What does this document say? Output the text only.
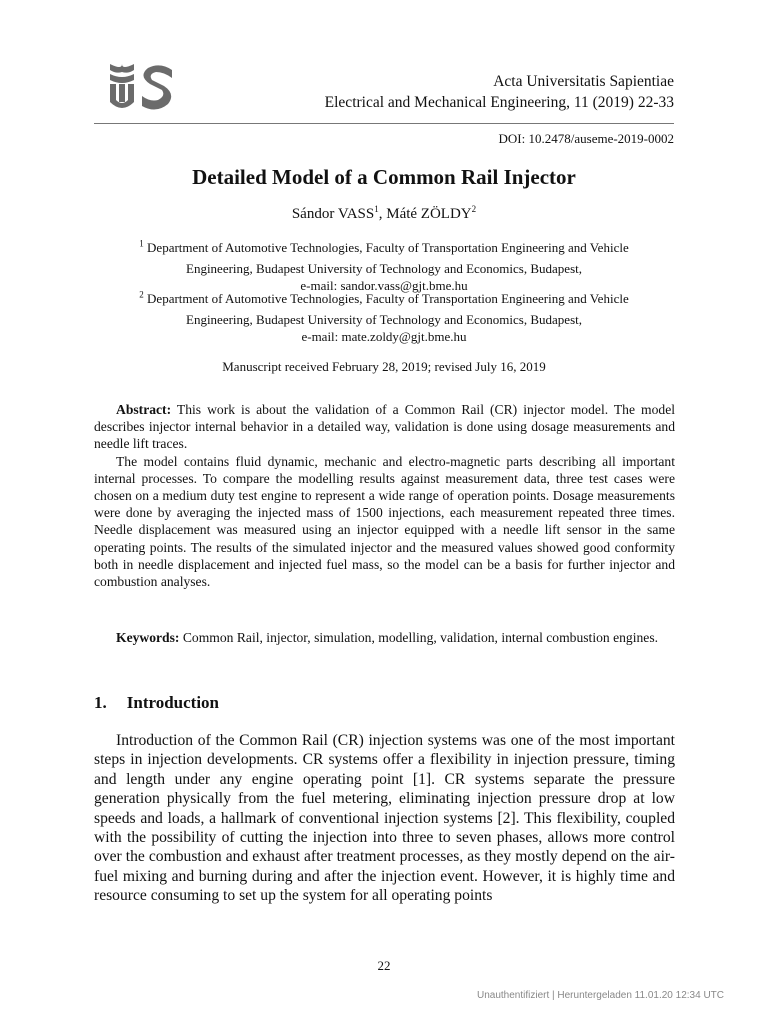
Acta Universitatis Sapientiae
Electrical and Mechanical Engineering, 11 (2019) 22-33
DOI: 10.2478/auseme-2019-0002
Detailed Model of a Common Rail Injector
Sándor VASS$^1$, Máté ZÖLDY$^2$
$^1$ Department of Automotive Technologies, Faculty of Transportation Engineering and Vehicle
Engineering, Budapest University of Technology and Economics, Budapest,
e-mail: sandor.vass@gjt.bme.hu
$^2$ Department of Automotive Technologies, Faculty of Transportation Engineering and Vehicle
Engineering, Budapest University of Technology and Economics, Budapest,
e-mail: mate.zoldy@gjt.bme.hu
Manuscript received February 28, 2019; revised July 16, 2019

Abstract: This work is about the validation of a Common Rail (CR) injector model. The model describes injector internal behavior in a detailed way, validation is done using dosage measurements and needle lift traces.

The model contains fluid dynamic, mechanic and electro-magnetic parts describing all important internal processes. To compare the modelling results against measurement data, three test cases were chosen on a medium duty test engine to represent a wide range of operation points. Dosage measurements were done by averaging the injected mass of 1500 injections, each measurement repeated three times. Needle displacement was measured using an injector equipped with a needle lift sensor in the same operating points. The results of the simulated injector and the measured values showed good conformity both in needle displacement and injected fuel mass, so the model can be a basis for further injector and combustion analyses.

Keywords: Common Rail, injector, simulation, modelling, validation, internal combustion engines.

1. Introduction
Introduction of the Common Rail (CR) injection systems was one of the most important steps in injection developments. CR systems offer a flexibility in injection pressure, timing and length under any engine operating point [1]. CR systems separate the pressure generation physically from the fuel metering, eliminating injection pressure drop at low speeds and loads, a hallmark of conventional injection systems [2]. This flexibility, coupled with the possibility of cutting the injection into three to seven phases, allows more control over the combustion and exhaust after treatment processes, as they mostly depend on the air-fuel mixing and burning during and after the injection event. However, it is highly time and resource consuming to set up the system for all operating points
22
Unauthentifiziert | Heruntergeladen 11.01.20 12:34 UTC
